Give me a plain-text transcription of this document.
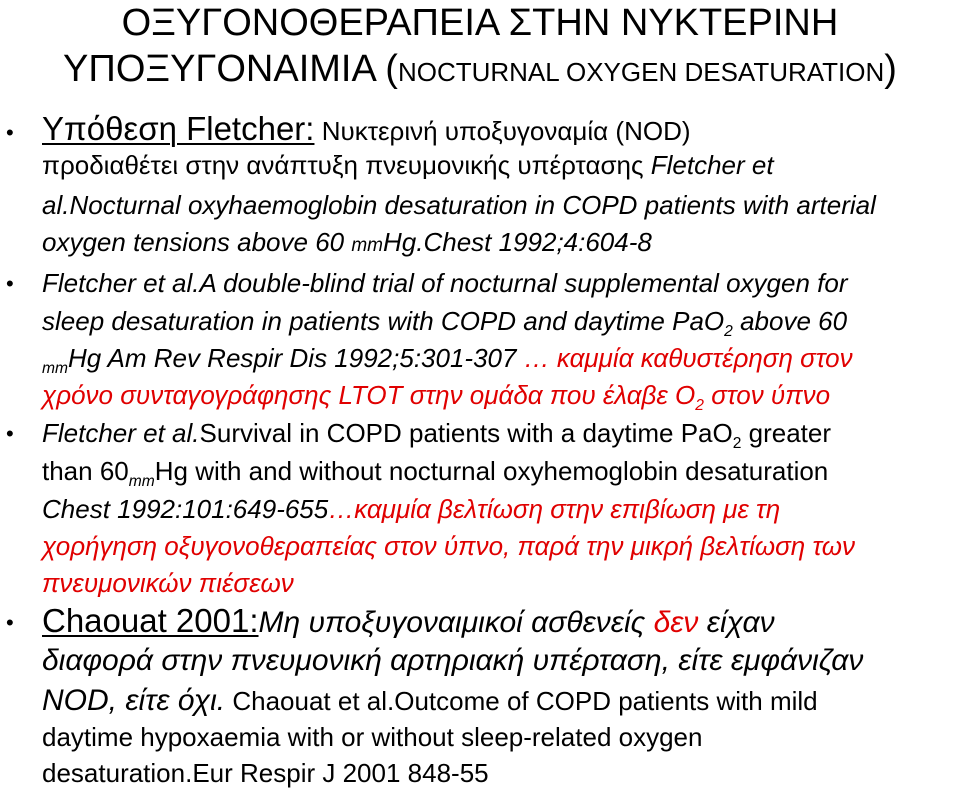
ΟΞΥΓΟΝΟΘΕΡΑΠΕΙΑ ΣΤΗΝ ΝΥΚΤΕΡΙΝΗ
ΥΠΟΞΥΓΟΝΑΙΜΙΑ (NOCTURNAL OXYGEN DESATURATION)
• Υπόθεση Fletcher: Νυκτερινή υποξυγοναμία (NOD)
προδιαθέτει στην ανάπτυξη πνευμονικής υπέρτασης Fletcher et
al.Nocturnal oxyhaemoglobin desaturation in COPD patients with arterial
oxygen tensions above 60 mmHg.Chest 1992;4:604-8
• Fletcher et al.A double-blind trial of nocturnal supplemental oxygen for
sleep desaturation in patients with COPD and daytime PaO$_2$ above 60
$_{mm}$Hg Am Rev Respir Dis 1992;5:301-307 … καμμία καθυστέρηση στον
χρόνο συνταγογράφησης LTOT στην ομάδα που έλαβε $O_2$ στον ύπνο
• Fletcher et al.Survival in COPD patients with a daytime PaO$_2$ greater
than $60_{mm}Hg$ with and without nocturnal oxyhemoglobin desaturation
Chest 1992:101:649-655…καμμία βελτίωση στην επιβίωση με τη
χορήγηση οξυγονοθεραπείας στον ύπνο, παρά την μικρή βελτίωση των
πνευμονικών πιέσεων
• Chaouat 2001:Μη υποξυγοναιμικοί ασθενείς δεν είχαν
διαφορά στην πνευμονική αρτηριακή υπέρταση, είτε εμφάνιζαν
NOD, είτε όχι. Chaouat et al.Outcome of COPD patients with mild
daytime hypoxaemia with or without sleep-related oxygen
desaturation.Eur Respir J 2001 848-55
